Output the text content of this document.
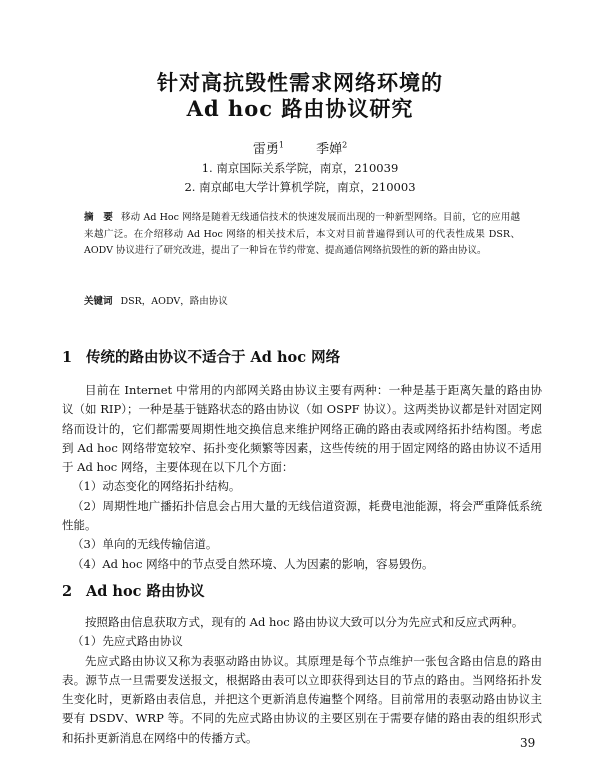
针对高抗毁性需求网络环境的
Ad hoc 路由协议研究
雷勇$^1$ 季婵$^2$
1. 南京国际关系学院，南京，210039
2. 南京邮电大学计算机学院，南京，210003
摘　要 移动 Ad Hoc 网络是随着无线通信技术的快速发展而出现的一种新型网络。目前，它的应用越来越广泛。在介绍移动 Ad Hoc 网络的相关技术后，本文对目前普遍得到认可的代表性成果 DSR、AODV 协议进行了研究改进，提出了一种旨在节约带宽、提高通信网络抗毁性的新的路由协议。
关键词 DSR，AODV，路由协议
1 传统的路由协议不适合于 Ad hoc 网络

目前在 Internet 中常用的内部网关路由协议主要有两种：一种是基于距离矢量的路由协议（如 RIP）；一种是基于链路状态的路由协议（如 OSPF 协议）。这两类协议都是针对固定网络而设计的，它们都需要周期性地交换信息来维护网络正确的路由表或网络拓扑结构图。考虑到 Ad hoc 网络带宽较窄、拓扑变化频繁等因素，这些传统的用于固定网络的路由协议不适用于 Ad hoc 网络，主要体现在以下几个方面：

（1）动态变化的网络拓扑结构。

（2）周期性地广播拓扑信息会占用大量的无线信道资源，耗费电池能源，将会严重降低系统性能。

（3）单向的无线传输信道。

（4）Ad hoc 网络中的节点受自然环境、人为因素的影响，容易毁伤。

2 Ad hoc 路由协议

按照路由信息获取方式，现有的 Ad hoc 路由协议大致可以分为先应式和反应式两种。

（1）先应式路由协议

先应式路由协议又称为表驱动路由协议。其原理是每个节点维护一张包含路由信息的路由表。源节点一旦需要发送报文，根据路由表可以立即获得到达目的节点的路由。当网络拓扑发生变化时，更新路由表信息，并把这个更新消息传遍整个网络。目前常用的表驱动路由协议主要有 DSDV、WRP 等。不同的先应式路由协议的主要区别在于需要存储的路由表的组织形式和拓扑更新消息在网络中的传播方式。	39
